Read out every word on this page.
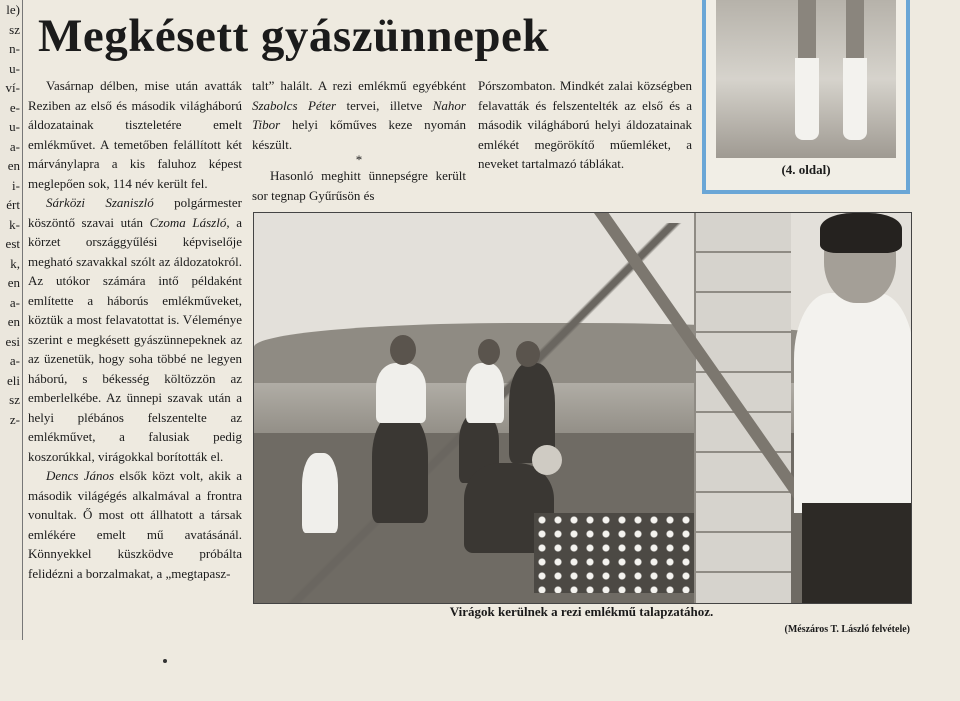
le)
sz
n-
u-
ví-
e-
u-
a-
en
i-
ért
k-
est
k,
en
a-
en
esi
a-
eli
sz
z-
Megkésett gyászünnepek

Vasárnap délben, mise után avatták Reziben az első és második világháború áldozatainak tiszteletére emelt emlékművet. A temetőben felállított két márványlapra a kis faluhoz képest meglepően sok, 114 név került fel.

Sárközi Szaniszló polgármester köszöntő szavai után Czoma László, a körzet országgyűlési képviselője megható szavakkal szólt az áldozatokról. Az utókor számára intő példaként említette a háborús emlékműveket, köztük a most felavatottat is. Véleménye szerint e megkésett gyászünnepeknek az az üzenetük, hogy soha többé ne legyen háború, s békesség költözzön az emberlelkébe. Az ünnepi szavak után a helyi plébános felszentelte az emlékművet, a falusiak pedig koszorúkkal, virágokkal borították el.

Dencs János elsők közt volt, akik a második világégés alkalmával a frontra vonultak. Ő most ott állhatott a társak emlékére emelt mű avatásánál. Könnyekkel küszködve próbálta felidézni a borzalmakat, a „megtapasz-

talt” halált. A rezi emlékmű egyébként Szabolcs Péter tervei, illetve Nahor Tibor helyi kőműves keze nyomán készült.

*

Hasonló meghitt ünnepségre került sor tegnap Gyűrűsön és

Pórszombaton. Mindkét zalai községben felavatták és felszentelték az első és a második világháború helyi áldozatainak emlékét megörökítő műemléket, a neveket tartalmazó táblákat.	(4. oldal)
Virágok kerülnek a rezi emlékmű talapzatához.
(Mészáros T. László felvétele)
